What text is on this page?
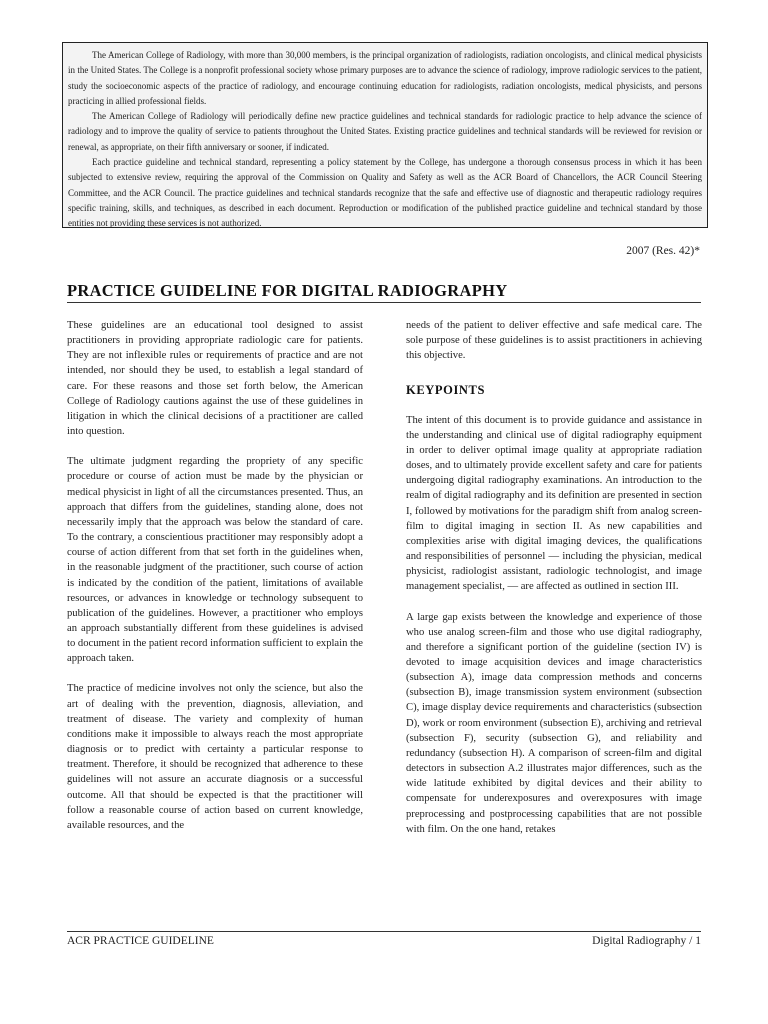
The American College of Radiology, with more than 30,000 members, is the principal organization of radiologists, radiation oncologists, and clinical medical physicists in the United States. The College is a nonprofit professional society whose primary purposes are to advance the science of radiology, improve radiologic services to the patient, study the socioeconomic aspects of the practice of radiology, and encourage continuing education for radiologists, radiation oncologists, medical physicists, and persons practicing in allied professional fields.

The American College of Radiology will periodically define new practice guidelines and technical standards for radiologic practice to help advance the science of radiology and to improve the quality of service to patients throughout the United States. Existing practice guidelines and technical standards will be reviewed for revision or renewal, as appropriate, on their fifth anniversary or sooner, if indicated.

Each practice guideline and technical standard, representing a policy statement by the College, has undergone a thorough consensus process in which it has been subjected to extensive review, requiring the approval of the Commission on Quality and Safety as well as the ACR Board of Chancellors, the ACR Council Steering Committee, and the ACR Council. The practice guidelines and technical standards recognize that the safe and effective use of diagnostic and therapeutic radiology requires specific training, skills, and techniques, as described in each document. Reproduction or modification of the published practice guideline and technical standard by those entities not providing these services is not authorized.

2007 (Res. 42)*
PRACTICE GUIDELINE FOR DIGITAL RADIOGRAPHY

These guidelines are an educational tool designed to assist practitioners in providing appropriate radiologic care for patients. They are not inflexible rules or requirements of practice and are not intended, nor should they be used, to establish a legal standard of care. For these reasons and those set forth below, the American College of Radiology cautions against the use of these guidelines in litigation in which the clinical decisions of a practitioner are called into question.

The ultimate judgment regarding the propriety of any specific procedure or course of action must be made by the physician or medical physicist in light of all the circumstances presented. Thus, an approach that differs from the guidelines, standing alone, does not necessarily imply that the approach was below the standard of care. To the contrary, a conscientious practitioner may responsibly adopt a course of action different from that set forth in the guidelines when, in the reasonable judgment of the practitioner, such course of action is indicated by the condition of the patient, limitations of available resources, or advances in knowledge or technology subsequent to publication of the guidelines. However, a practitioner who employs an approach substantially different from these guidelines is advised to document in the patient record information sufficient to explain the approach taken.

The practice of medicine involves not only the science, but also the art of dealing with the prevention, diagnosis, alleviation, and treatment of disease. The variety and complexity of human conditions make it impossible to always reach the most appropriate diagnosis or to predict with certainty a particular response to treatment. Therefore, it should be recognized that adherence to these guidelines will not assure an accurate diagnosis or a successful outcome. All that should be expected is that the practitioner will follow a reasonable course of action based on current knowledge, available resources, and the

needs of the patient to deliver effective and safe medical care. The sole purpose of these guidelines is to assist practitioners in achieving this objective.

KEYPOINTS

The intent of this document is to provide guidance and assistance in the understanding and clinical use of digital radiography equipment in order to deliver optimal image quality at appropriate radiation doses, and to ultimately provide excellent safety and care for patients undergoing digital radiography examinations. An introduction to the realm of digital radiography and its definition are presented in section I, followed by motivations for the paradigm shift from analog screen-film to digital imaging in section II. As new capabilities and complexities arise with digital imaging devices, the qualifications and responsibilities of personnel — including the physician, medical physicist, radiologist assistant, radiologic technologist, and image management specialist, — are affected as outlined in section III.

A large gap exists between the knowledge and experience of those who use analog screen-film and those who use digital radiography, and therefore a significant portion of the guideline (section IV) is devoted to image acquisition devices and image characteristics (subsection A), image data compression methods and concerns (subsection B), image transmission system environment (subsection C), image display device requirements and characteristics (subsection D), work or room environment (subsection E), archiving and retrieval (subsection F), security (subsection G), and reliability and redundancy (subsection H). A comparison of screen-film and digital detectors in subsection A.2 illustrates major differences, such as the wide latitude exhibited by digital devices and their ability to compensate for underexposures and overexposures with image preprocessing and postprocessing capabilities that are not possible with film. On the one hand, retakes

ACR PRACTICE GUIDELINE	Digital Radiography / 1
